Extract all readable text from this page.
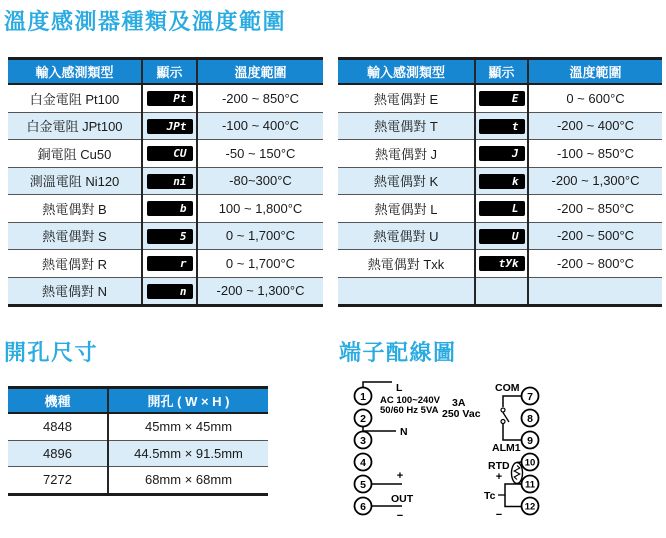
溫度感測器種類及溫度範圍
輸入感測類型	顯示	溫度範圍
白金電阻 Pt100	Pt	-200 ~ 850°C
白金電阻 JPt100	JPt	-100 ~ 400°C
銅電阻 Cu50	CU	-50 ~ 150°C
測溫電阻 Ni120	ni	-80~300°C
熱電偶對 B	b	100 ~ 1,800°C
熱電偶對 S	5	0 ~ 1,700°C
熱電偶對 R	r	0 ~ 1,700°C
熱電偶對 N	n	-200 ~ 1,300°C
輸入感測類型	顯示	溫度範圍
熱電偶對 E	E	0 ~ 600°C
熱電偶對 T	t	-200 ~ 400°C
熱電偶對 J	J	-100 ~ 850°C
熱電偶對 K	k	-200 ~ 1,300°C
熱電偶對 L	L	-200 ~ 850°C
熱電偶對 U	U	-200 ~ 500°C
熱電偶對 Txk	tУk	-200 ~ 800°C

開孔尺寸
機種	開孔 ( W × H )
4848	45mm × 45mm
4896	44.5mm × 91.5mm
7272	68mm × 68mm
端子配線圖
L
N
AC 100~240V
50/60 Hz 5VA
+
OUT
−
COM
3A
250 Vac
ALM1
RTD
+
Tc
−
1
2
3
4
5
6
7
8
9
10
11
12
